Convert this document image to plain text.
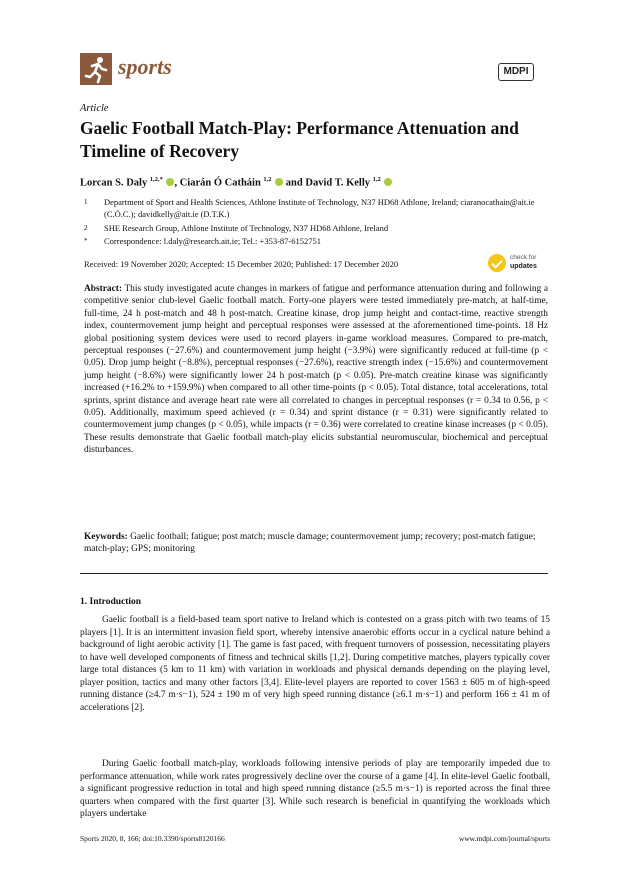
sports	MDPI
Article
Gaelic Football Match-Play: Performance Attenuation and Timeline of Recovery
Lorcan S. Daly $^{1,2,*}$ , Ciarán Ó Catháin $^{1,2}$  and David T. Kelly $^{1,2}$
1 Department of Sport and Health Sciences, Athlone Institute of Technology, N37 HD68 Athlone, Ireland; ciaranocathain@ait.ie (C.Ó.C.); davidkelly@ait.ie (D.T.K.)
2 SHE Research Group, Athlone Institute of Technology, N37 HD68 Athlone, Ireland
* Correspondence: l.daly@research.ait.ie; Tel.: +353-87-6152751
Received: 19 November 2020; Accepted: 15 December 2020; Published: 17 December 2020
check for
updates
Abstract: This study investigated acute changes in markers of fatigue and performance attenuation during and following a competitive senior club-level Gaelic football match. Forty-one players were tested immediately pre-match, at half-time, full-time, 24 h post-match and 48 h post-match. Creatine kinase, drop jump height and contact-time, reactive strength index, countermovement jump height and perceptual responses were assessed at the aforementioned time-points. 18 Hz global positioning system devices were used to record players in-game workload measures. Compared to pre-match, perceptual responses (−27.6%) and countermovement jump height (−3.9%) were significantly reduced at full-time (p < 0.05). Drop jump height (−8.8%), perceptual responses (−27.6%), reactive strength index (−15.6%) and countermovement jump height (−8.6%) were significantly lower 24 h post-match (p < 0.05). Pre-match creatine kinase was significantly increased (+16.2% to +159.9%) when compared to all other time-points (p < 0.05). Total distance, total accelerations, total sprints, sprint distance and average heart rate were all correlated to changes in perceptual responses (r = 0.34 to 0.56, p < 0.05). Additionally, maximum speed achieved (r = 0.34) and sprint distance (r = 0.31) were significantly related to countermovement jump changes (p < 0.05), while impacts (r = 0.36) were correlated to creatine kinase increases (p < 0.05). These results demonstrate that Gaelic football match-play elicits substantial neuromuscular, biochemical and perceptual disturbances.
Keywords: Gaelic football; fatigue; post match; muscle damage; countermovement jump; recovery; post-match fatigue; match-play; GPS; monitoring
1. Introduction
Gaelic football is a field-based team sport native to Ireland which is contested on a grass pitch with two teams of 15 players [1]. It is an intermittent invasion field sport, whereby intensive anaerobic efforts occur in a cyclical nature behind a background of light aerobic activity [1]. The game is fast paced, with frequent turnovers of possession, necessitating players to have well developed components of fitness and technical skills [1,2]. During competitive matches, players typically cover large total distances (5 km to 11 km) with variation in workloads and physical demands depending on the playing level, player position, tactics and many other factors [3,4]. Elite-level players are reported to cover 1563 ± 605 m of high-speed running distance (≥4.7 m·s−1), 524 ± 190 m of very high speed running distance (≥6.1 m·s−1) and perform 166 ± 41 m of accelerations [2].
During Gaelic football match-play, workloads following intensive periods of play are temporarily impeded due to performance attenuation, while work rates progressively decline over the course of a game [4]. In elite-level Gaelic football, a significant progressive reduction in total and high speed running distance (≥5.5 m·s−1) is reported across the final three quarters when compared with the first quarter [3]. While such research is beneficial in quantifying the workloads which players undertake
Sports 2020, 8, 166; doi:10.3390/sports8120166	www.mdpi.com/journal/sports
